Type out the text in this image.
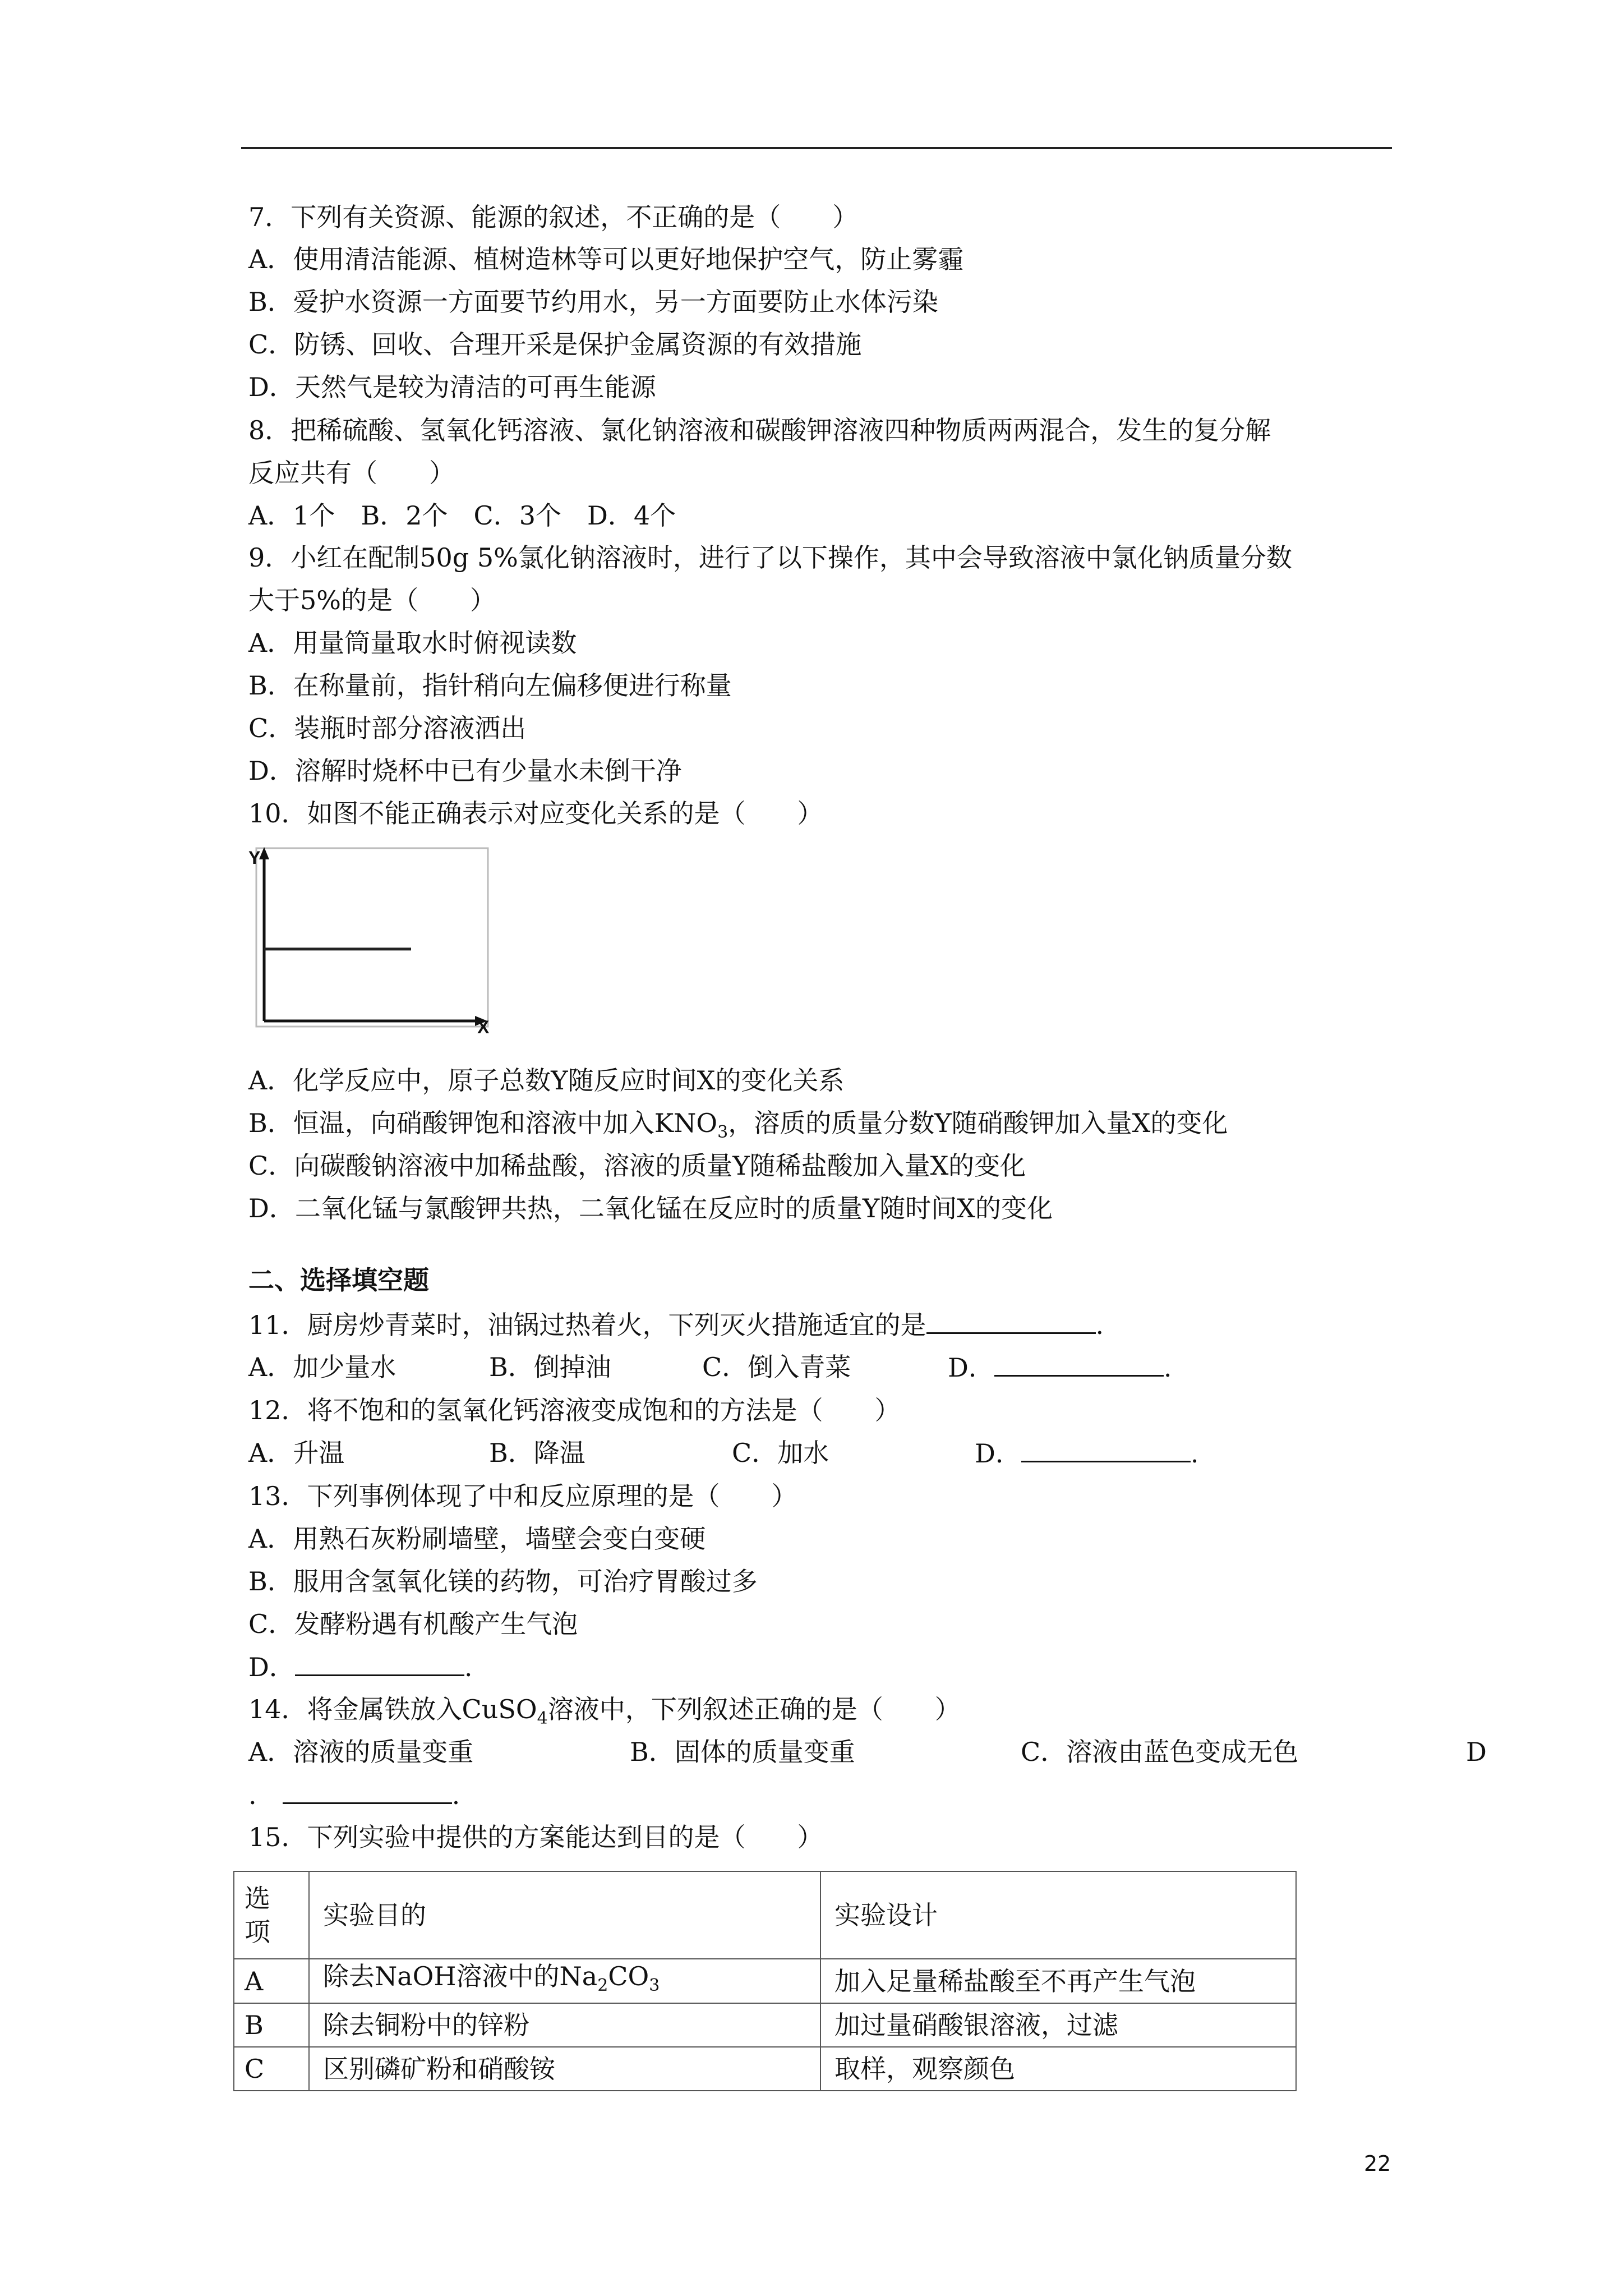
7．下列有关资源、能源的叙述，不正确的是（　　）
A．使用清洁能源、植树造林等可以更好地保护空气，防止雾霾
B．爱护水资源一方面要节约用水，另一方面要防止水体污染
C．防锈、回收、合理开采是保护金属资源的有效措施
D．天然气是较为清洁的可再生能源
8．把稀硫酸、氢氧化钙溶液、氯化钠溶液和碳酸钾溶液四种物质两两混合，发生的复分解
反应共有（　　）
A．1个　B．2个　C．3个　D．4个
9．小红在配制50g 5%氯化钠溶液时，进行了以下操作，其中会导致溶液中氯化钠质量分数
大于5%的是（　　）
A．用量筒量取水时俯视读数
B．在称量前，指针稍向左偏移便进行称量
C．装瓶时部分溶液洒出
D．溶解时烧杯中已有少量水未倒干净
10．如图不能正确表示对应变化关系的是（　　）
Y
X
A．化学反应中，原子总数Y随反应时间X的变化关系
B．恒温，向硝酸钾饱和溶液中加入$KNO_3$，溶质的质量分数Y随硝酸钾加入量X的变化
C．向碳酸钠溶液中加稀盐酸，溶液的质量Y随稀盐酸加入量X的变化
D．二氧化锰与氯酸钾共热，二氧化锰在反应时的质量Y随时间X的变化
二、选择填空题
11．厨房炒青菜时，油锅过热着火，下列灭火措施适宜的是	.
A．加少量水	B．倒掉油	C．倒入青菜	D．	.
12．将不饱和的氢氧化钙溶液变成饱和的方法是（　　）
A．升温	B．降温	C．加水	D．	.
13．下列事例体现了中和反应原理的是（　　）
A．用熟石灰粉刷墙壁，墙壁会变白变硬
B．服用含氢氧化镁的药物，可治疗胃酸过多
C．发酵粉遇有机酸产生气泡
D．	.
14．将金属铁放入CuSO$_4$溶液中，下列叙述正确的是（　　）
A．溶液的质量变重	B．固体的质量变重	C．溶液由蓝色变成无色	D
.　	.
15．下列实验中提供的方案能达到目的是（　　）
选
项	实验目的	实验设计
A	除去NaOH溶液中的$Na_2CO_3$	加入足量稀盐酸至不再产生气泡
B	除去铜粉中的锌粉	加过量硝酸银溶液，过滤
C	区别磷矿粉和硝酸铵	取样，观察颜色
22
